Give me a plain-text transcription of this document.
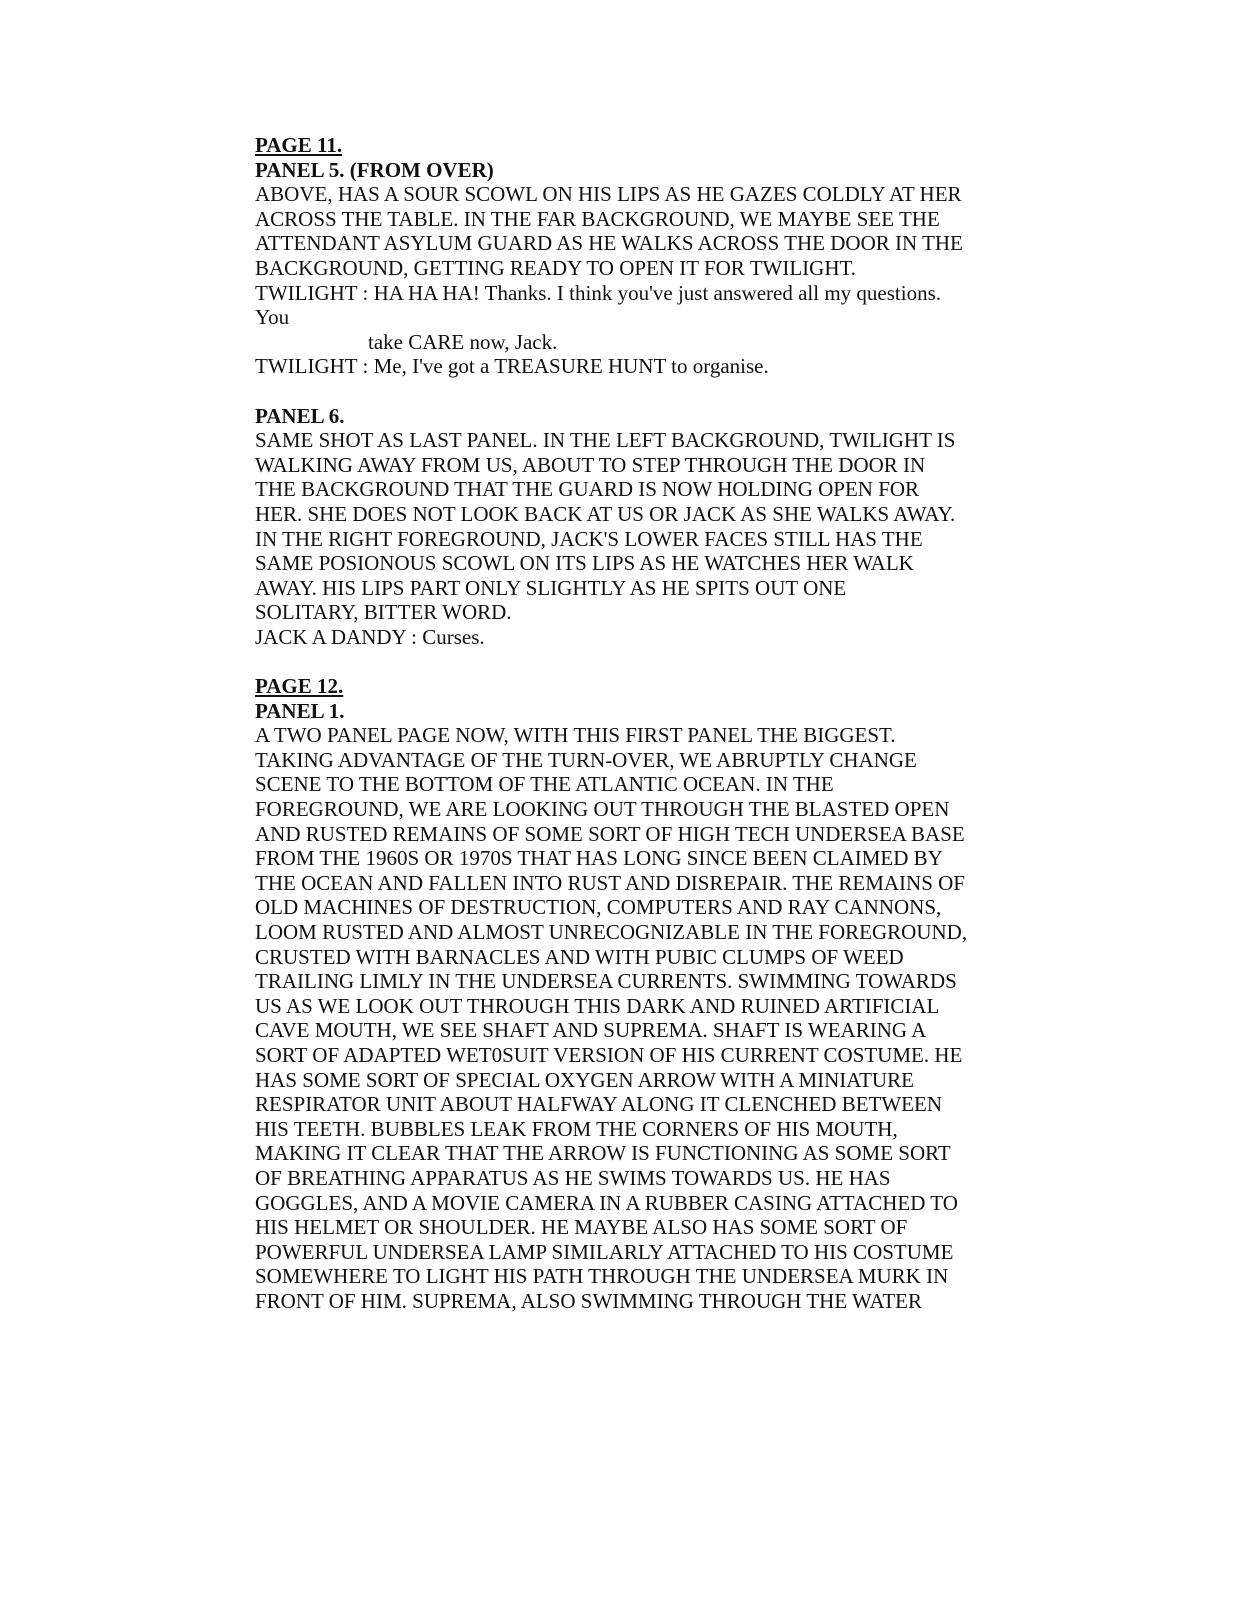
PAGE 11.
PANEL 5. (FROM OVER)
ABOVE, HAS A SOUR SCOWL ON HIS LIPS AS HE GAZES COLDLY AT HER
ACROSS THE TABLE. IN THE FAR BACKGROUND, WE MAYBE SEE THE
ATTENDANT ASYLUM GUARD AS HE WALKS ACROSS THE DOOR IN THE
BACKGROUND, GETTING READY TO OPEN IT FOR TWILIGHT.
TWILIGHT : HA HA HA! Thanks. I think you've just answered all my questions.
You
take CARE now, Jack.
TWILIGHT : Me, I've got a TREASURE HUNT to organise.
PANEL 6.
SAME SHOT AS LAST PANEL. IN THE LEFT BACKGROUND, TWILIGHT IS
WALKING AWAY FROM US, ABOUT TO STEP THROUGH THE DOOR IN
THE BACKGROUND THAT THE GUARD IS NOW HOLDING OPEN FOR
HER. SHE DOES NOT LOOK BACK AT US OR JACK AS SHE WALKS AWAY.
IN THE RIGHT FOREGROUND, JACK'S LOWER FACES STILL HAS THE
SAME POSIONOUS SCOWL ON ITS LIPS AS HE WATCHES HER WALK
AWAY. HIS LIPS PART ONLY SLIGHTLY AS HE SPITS OUT ONE
SOLITARY, BITTER WORD.
JACK A DANDY : Curses.
PAGE 12.
PANEL 1.
A TWO PANEL PAGE NOW, WITH THIS FIRST PANEL THE BIGGEST.
TAKING ADVANTAGE OF THE TURN-OVER, WE ABRUPTLY CHANGE
SCENE TO THE BOTTOM OF THE ATLANTIC OCEAN. IN THE
FOREGROUND, WE ARE LOOKING OUT THROUGH THE BLASTED OPEN
AND RUSTED REMAINS OF SOME SORT OF HIGH TECH UNDERSEA BASE
FROM THE 1960S OR 1970S THAT HAS LONG SINCE BEEN CLAIMED BY
THE OCEAN AND FALLEN INTO RUST AND DISREPAIR. THE REMAINS OF
OLD MACHINES OF DESTRUCTION, COMPUTERS AND RAY CANNONS,
LOOM RUSTED AND ALMOST UNRECOGNIZABLE IN THE FOREGROUND,
CRUSTED WITH BARNACLES AND WITH PUBIC CLUMPS OF WEED
TRAILING LIMLY IN THE UNDERSEA CURRENTS. SWIMMING TOWARDS
US AS WE LOOK OUT THROUGH THIS DARK AND RUINED ARTIFICIAL
CAVE MOUTH, WE SEE SHAFT AND SUPREMA. SHAFT IS WEARING A
SORT OF ADAPTED WET0SUIT VERSION OF HIS CURRENT COSTUME. HE
HAS SOME SORT OF SPECIAL OXYGEN ARROW WITH A MINIATURE
RESPIRATOR UNIT ABOUT HALFWAY ALONG IT CLENCHED BETWEEN
HIS TEETH. BUBBLES LEAK FROM THE CORNERS OF HIS MOUTH,
MAKING IT CLEAR THAT THE ARROW IS FUNCTIONING AS SOME SORT
OF BREATHING APPARATUS AS HE SWIMS TOWARDS US. HE HAS
GOGGLES, AND A MOVIE CAMERA IN A RUBBER CASING ATTACHED TO
HIS HELMET OR SHOULDER. HE MAYBE ALSO HAS SOME SORT OF
POWERFUL UNDERSEA LAMP SIMILARLY ATTACHED TO HIS COSTUME
SOMEWHERE TO LIGHT HIS PATH THROUGH THE UNDERSEA MURK IN
FRONT OF HIM. SUPREMA, ALSO SWIMMING THROUGH THE WATER
